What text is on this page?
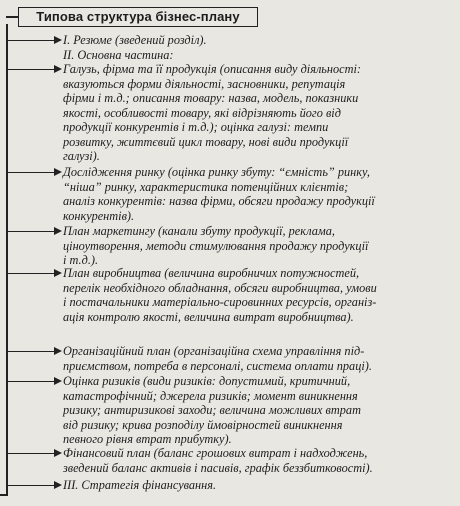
Типова структура бізнес-плану
I. Резюме (зведений розділ).
II. Основна частина:
Галузь, фірма та її продукція (описання виду діяльності:
вказуються форми діяльності, засновники, репутація
фірми і т.д.; описання товару: назва, модель, показники
якості, особливості товару, які відрізняють його від
продукції конкурентів і т.д.); оцінка галузі: темпи
розвитку, життєвий цикл товару, нові види продукції
галузі).
Дослідження ринку (оцінка ринку збуту: “ємність” ринку,
“ніша” ринку, характеристика потенційних клієнтів;
аналіз конкурентів: назва фірми, обсяги продажу продукції
конкурентів).
План маркетингу (канали збуту продукції, реклама,
ціноутворення, методи стимулювання продажу продукції
і т.д.).
План виробництва (величина виробничих потужностей,
перелік необхідного обладнання, обсяги виробництва, умови
і постачальники матеріально-сировинних ресурсів, організ-
ація контролю якості, величина витрат виробництва).
Організаційний план (організаційна схема управління під-
приємством, потреба в персоналі, система оплати праці).
Оцінка ризиків (види ризиків: допустимий, критичний,
катастрофічний; джерела ризиків; момент виникнення
ризику; антиризикові заходи; величина можливих втрат
від ризику; крива розподілу ймовірностей виникнення
певного рівня втрат прибутку).
Фінансовий план (баланс грошових витрат і надходжень,
зведений баланс активів і пасивів, графік беззбитковості).
III. Стратегія фінансування.
